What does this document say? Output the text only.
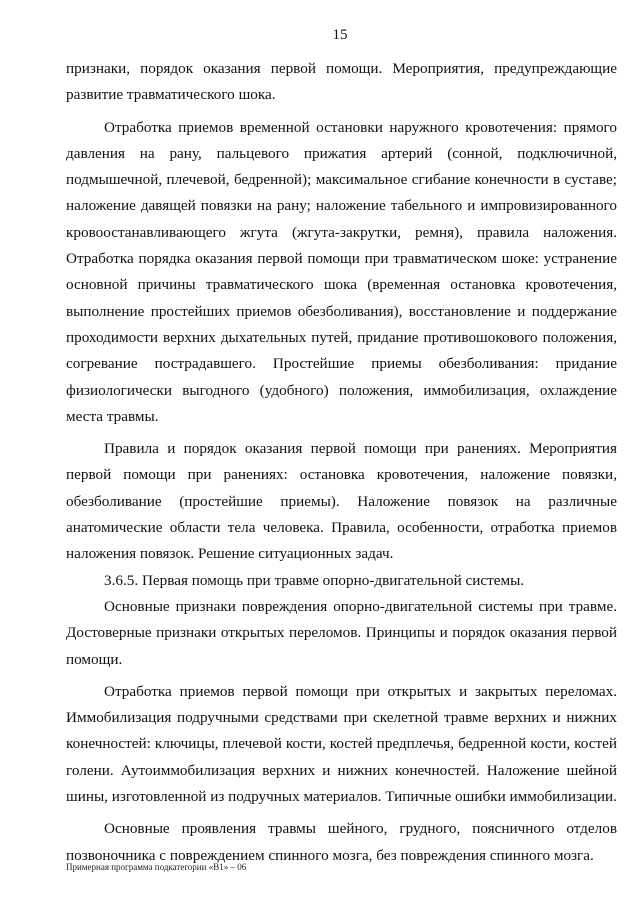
15

признаки, порядок оказания первой помощи. Мероприятия, предупреждающие развитие травматического шока.

Отработка приемов временной остановки наружного кровотечения: прямого давления на рану, пальцевого прижатия артерий (сонной, подключичной, подмышечной, плечевой, бедренной); максимальное сгибание конечности в суставе; наложение давящей повязки на рану; наложение табельного и импровизированного кровоостанавливающего жгута (жгута-закрутки, ремня), правила наложения. Отработка порядка оказания первой помощи при травматическом шоке: устранение основной причины травматического шока (временная остановка кровотечения, выполнение простейших приемов обезболивания), восстановление и поддержание проходимости верхних дыхательных путей, придание противошокового положения, согревание пострадавшего. Простейшие приемы обезболивания: придание физиологически выгодного (удобного) положения, иммобилизация, охлаждение места травмы.

Правила и порядок оказания первой помощи при ранениях. Мероприятия первой помощи при ранениях: остановка кровотечения, наложение повязки, обезболивание (простейшие приемы). Наложение повязок на различные анатомические области тела человека. Правила, особенности, отработка приемов наложения повязок. Решение ситуационных задач.

3.6.5. Первая помощь при травме опорно-двигательной системы.

Основные признаки повреждения опорно-двигательной системы при травме. Достоверные признаки открытых переломов. Принципы и порядок оказания первой помощи.

Отработка приемов первой помощи при открытых и закрытых переломах. Иммобилизация подручными средствами при скелетной травме верхних и нижних конечностей: ключицы, плечевой кости, костей предплечья, бедренной кости, костей голени. Аутоиммобилизация верхних и нижних конечностей. Наложение шейной шины, изготовленной из подручных материалов. Типичные ошибки иммобилизации.

Основные проявления травмы шейного, грудного, поясничного отделов позвоночника с повреждением спинного мозга, без повреждения спинного мозга.

Примерная программа подкатегории «B1» – 06
